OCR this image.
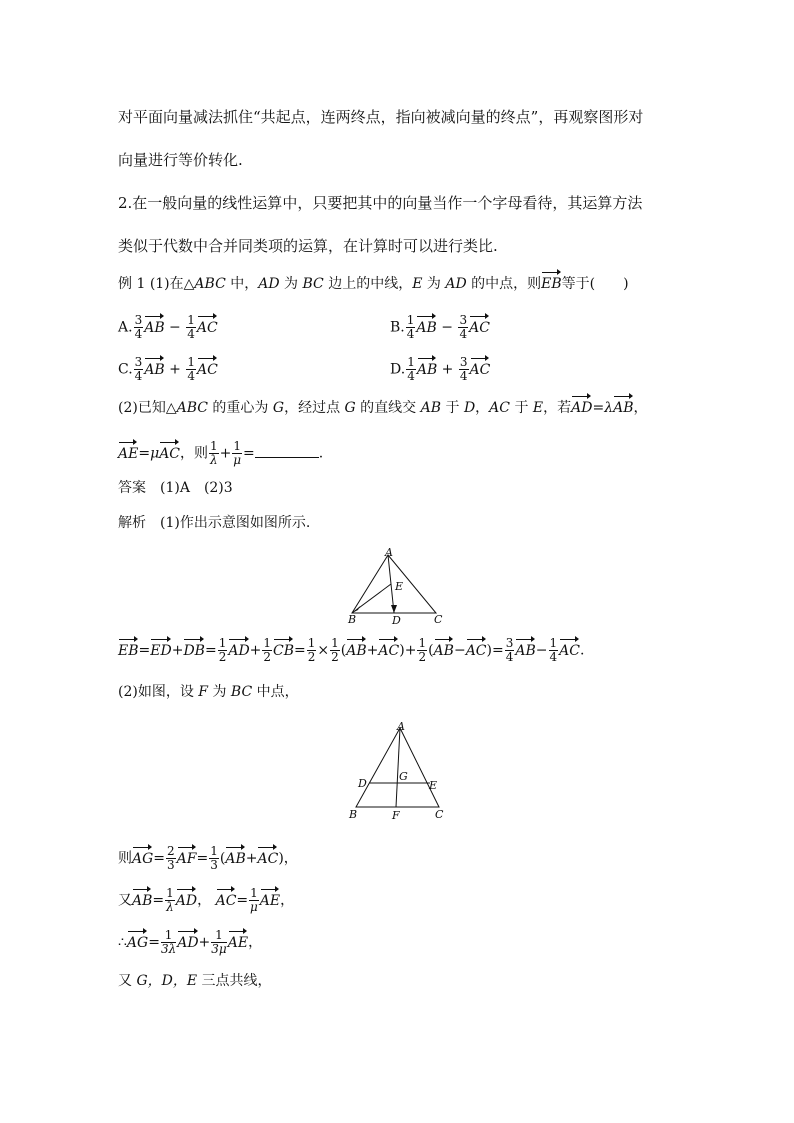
对平面向量减法抓住“共起点，连两终点，指向被减向量的终点”，再观察图形对
向量进行等价转化.
2.在一般向量的线性运算中，只要把其中的向量当作一个字母看待，其运算方法
类似于代数中合并同类项的运算，在计算时可以进行类比.
例 1 (1)在△ABC 中，AD 为 BC 边上的中线，E 为 AD 的中点，则EB等于(　　)
A. $\frac{3}{4}$ AB − $\frac{1}{4}$ AC	B. $\frac{1}{4}$ AB − $\frac{3}{4}$ AC
C. $\frac{3}{4}$ AB + $\frac{1}{4}$ AC	D. $\frac{1}{4}$ AB + $\frac{3}{4}$ AC
(2)已知△ABC 的重心为 G，经过点 G 的直线交 AB 于 D，AC 于 E，若AD=λAB，
AE=μAC，则 $\frac{1}{\lambda} + \frac{1}{\mu}$ =	.
答案　 (1)A　(2)3
解析　 (1)作出示意图如图所示.
A
E
B	D	C
$EB=ED+DB= \frac{1}{2} AD+ \frac{1}{2} CB= \frac{1}{2} \times \frac{1}{2} (AB+AC)+ \frac{1}{2} (AB-AC)= \frac{3}{4} AB- \frac{1}{4}$ AC.
(2)如图，设 F 为 BC 中点，
A
D
G
E
B	F	C
则$AG= \frac{2}{3} AF= \frac{1}{3} (AB+AC)$，
又$AB= \frac{1}{\lambda}$ AD， $AC= \frac{1}{\mu}$ AE，
∴AG= $\frac{1}{3\lambda} AD+ \frac{1}{3\mu}$ AE，
又 G，D，E 三点共线，
